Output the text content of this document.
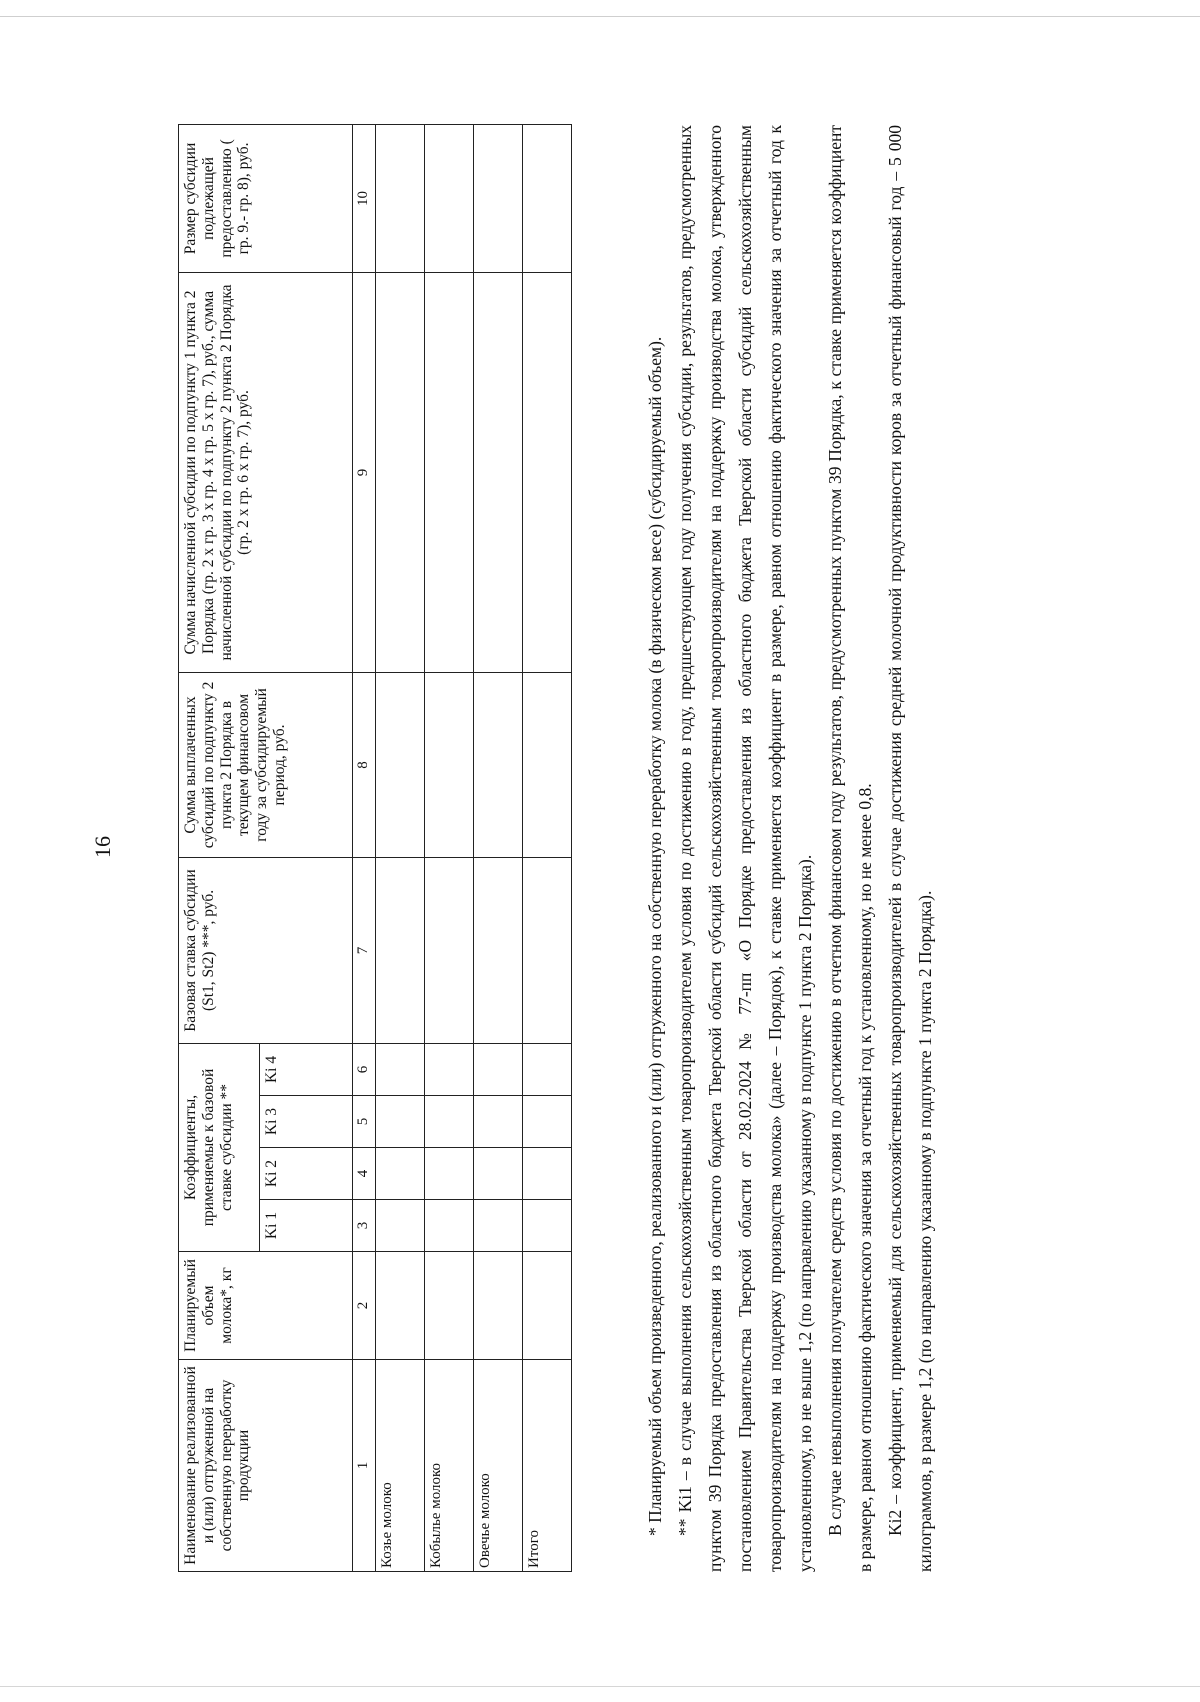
16
Наименование реализованной и (или) отгруженной на собственную переработку продукции	Планируемый объем молока*, кг	Коэффициенты, применяемые к базовой ставке субсидии **				Базовая ставка субсидии (St1, St2) ***, руб.	Сумма выплаченных субсидий по подпункту 2 пункта 2 Порядка в текущем финансовом году за субсидируемый период, руб.	Сумма начисленной субсидии по подпункту 1 пункта 2 Порядка (гр. 2 x гр. 3 x гр. 4 x гр. 5 x гр. 7), руб., сумма начисленной субсидии по подпункту 2 пункта 2 Порядка (гр. 2 x гр. 6 x гр. 7), руб.	Размер субсидии подлежащей предоставлению ( гр. 9.- гр. 8), руб.
		Ki 1	Ki 2	Ki 3	Ki 4				
1	2	3	4	5	6	7	8	9	10
Козье молоко									
Кобылье молоко									
Овечье молоко									
Итого									

* Планируемый объем произведенного, реализованного и (или) отгруженного на собственную переработку молока (в физическом весе) (субсидируемый объем). ** Ki1 – в случае выполнения сельскохозяйственным товаропроизводителем условия по достижению в году, предшествующем году получения субсидии, результатов, предусмотренных пунктом 39 Порядка предоставления из областного бюджета Тверской области субсидий сельскохозяйственным товаропроизводителям на поддержку производства молока, утвержденного постановлением Правительства Тверской области от 28.02.2024 № 77-пп «О Порядке предоставления из областного бюджета Тверской области субсидий сельскохозяйственным товаропроизводителям на поддержку производства молока» (далее – Порядок), к ставке применяется коэффициент в размере, равном отношению фактического значения за отчетный год к установленному, но не выше 1,2 (по направлению указанному в подпункте 1 пункта 2 Порядка). В случае невыполнения получателем средств условия по достижению в отчетном финансовом году результатов, предусмотренных пунктом 39 Порядка, к ставке применяется коэффициент в размере, равном отношению фактического значения за отчетный год к установленному, но не менее 0,8. Ki2 – коэффициент, применяемый для сельскохозяйственных товаропроизводителей в случае достижения средней молочной продуктивности коров за отчетный финансовый год – 5 000 килограммов, в размере 1,2 (по направлению указанному в подпункте 1 пункта 2 Порядка).
